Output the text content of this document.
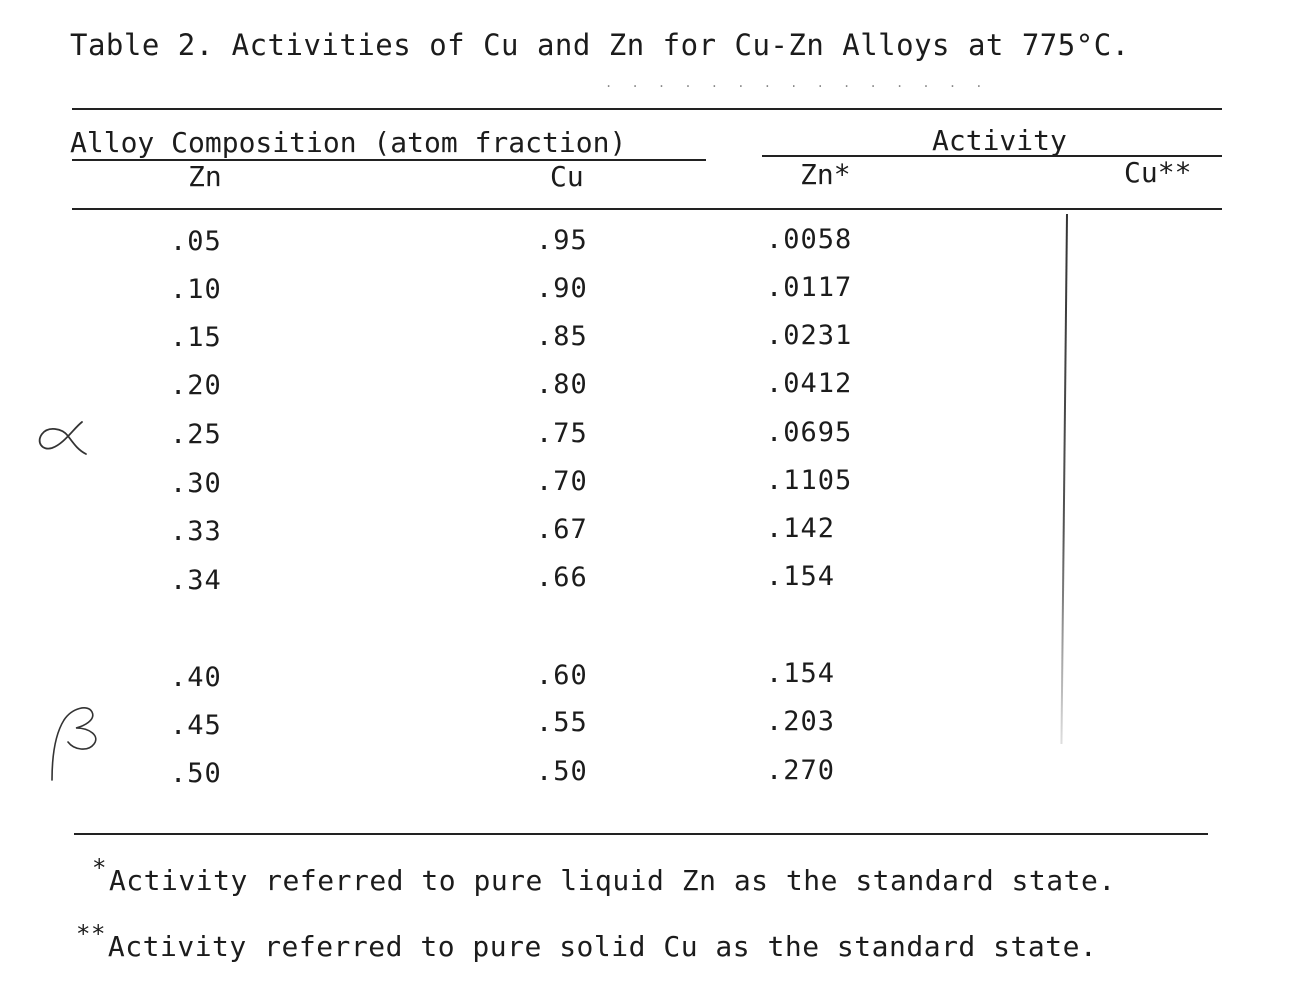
Table 2. Activities of Cu and Zn for Cu-Zn Alloys at 775°C.
. . . . . . . . . . . . . . .
Alloy Composition (atom fraction)	Activity
Zn	Cu	Zn*	Cu**
.05	.95	.0058
.10	.90	.0117
.15	.85	.0231
.20	.80	.0412
.25	.75	.0695
.30	.70	.1105
.33	.67	.142
.34	.66	.154
.40	.60	.154
.45	.55	.203
.50	.50	.270
*Activity referred to pure liquid Zn as the standard state.
**Activity referred to pure solid Cu as the standard state.
